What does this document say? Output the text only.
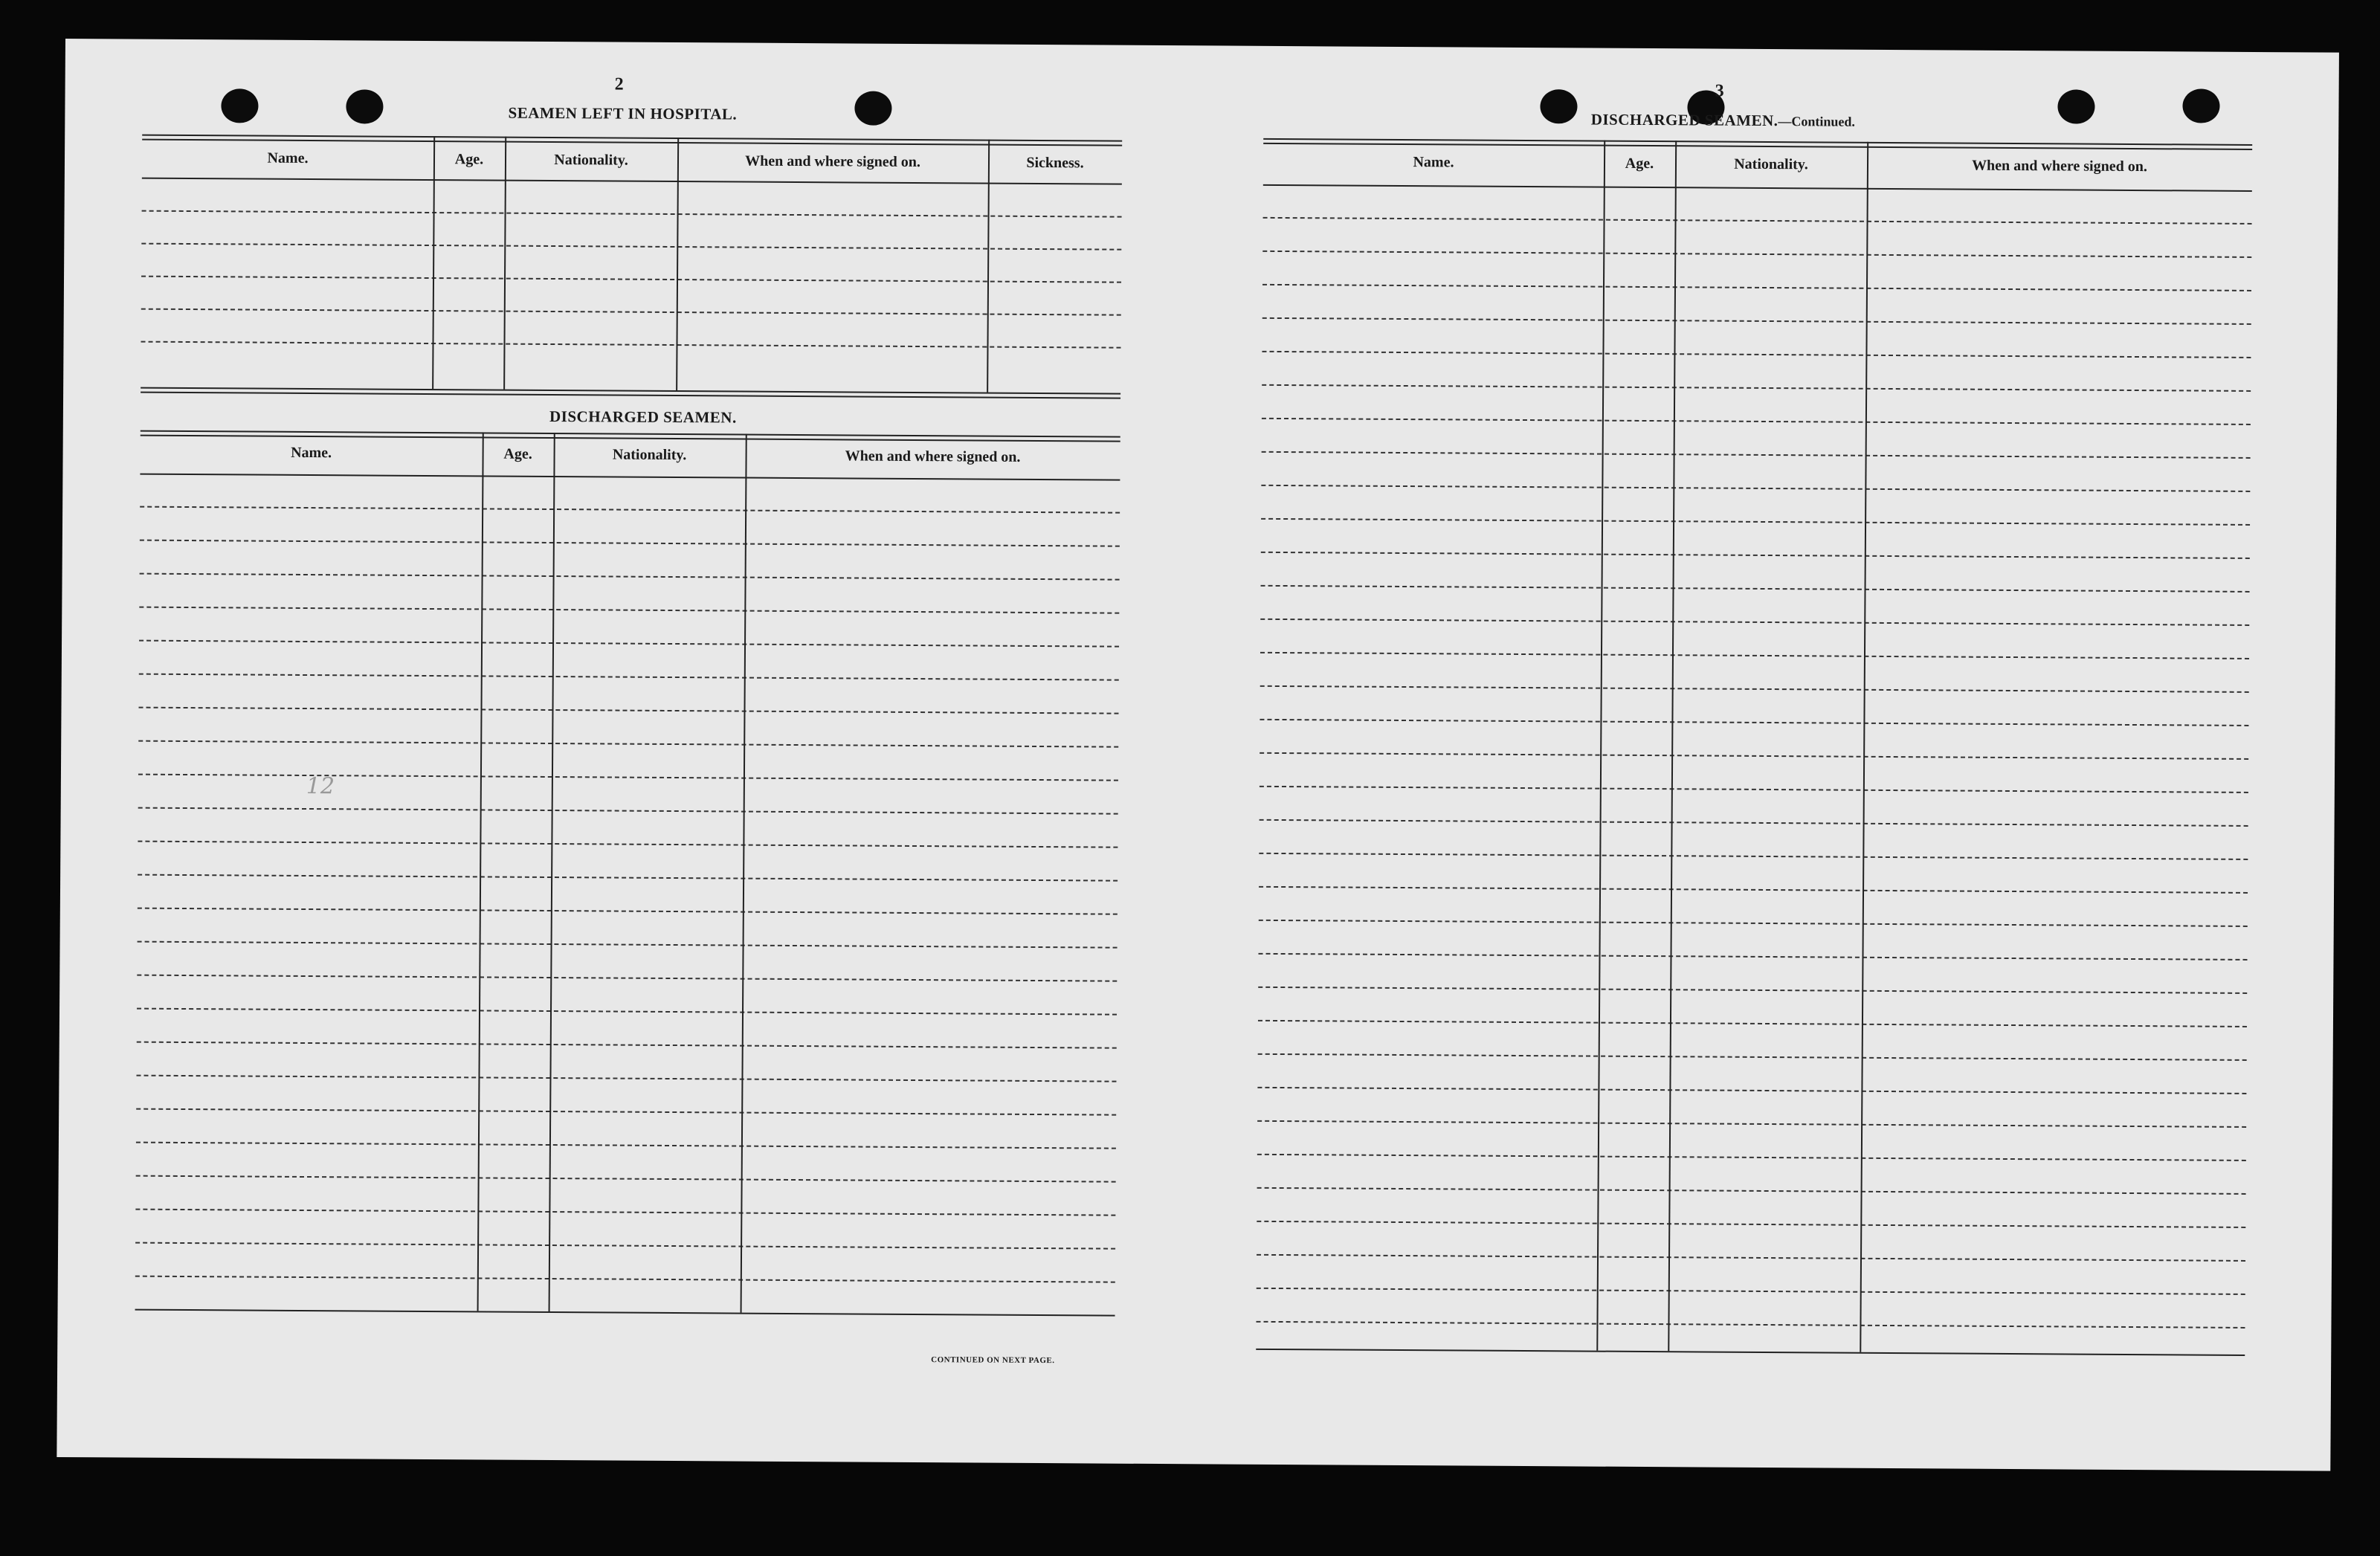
2
SEAMEN LEFT IN HOSPITAL.
Name.	Age.	Nationality.	When and where signed on.	Sickness.
DISCHARGED SEAMEN.
Name.	Age.	Nationality.	When and where signed on.
12
CONTINUED ON NEXT PAGE.
3
DISCHARGED SEAMEN.—Continued.
Name.	Age.	Nationality.	When and where signed on.
